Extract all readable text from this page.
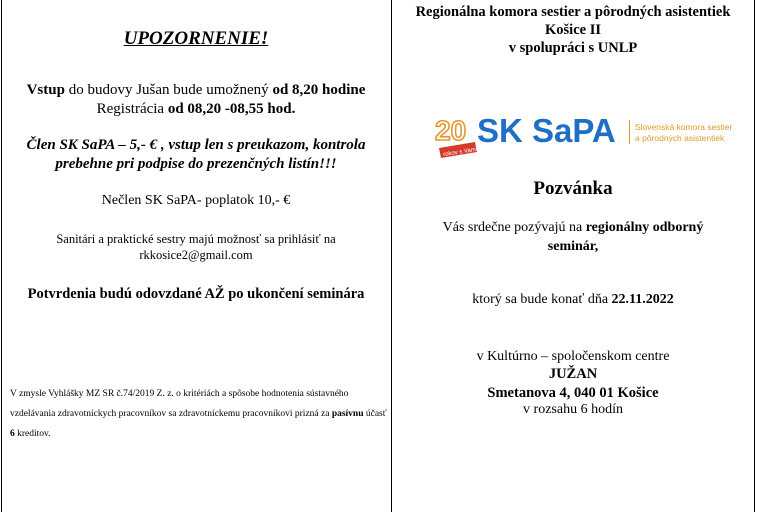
UPOZORNENIE!
Vstup do budovy Jušan bude umožnený od 8,20 hodine
Registrácia od 08,20 -08,55 hod.
Člen SK SaPA – 5,- € , vstup len s preukazom, kontrola
prebehne pri podpise do prezenčných listín!!!
Nečlen SK SaPA- poplatok 10,- €
Sanitári a praktické sestry majú možnosť sa prihlásiť na
rkkosice2@gmail.com
Potvrdenia budú odovzdané AŽ po ukončení seminára
V zmysle Vyhlášky MZ SR č.74/2019 Z. z. o kritériách a spôsobe hodnotenia sústavného vzdelávania zdravotníckych pracovníkov sa zdravotníckemu pracovníkovi prizná za pasívnu účasť 6 kreditov.
Regionálna komora sestier a pôrodných asistentiek
Košice II
v spolupráci s UNLP
20
rokov s Vami
SK SaPA Slovenská komora sestier
a pôrodných asistentiek
Pozvánka
Vás srdečne pozývajú na regionálny odborný
seminár,
ktorý sa bude konať dňa 22.11.2022
v Kultúrno – spoločenskom centre
JUŽAN
Smetanova 4, 040 01 Košice
v rozsahu 6 hodín
